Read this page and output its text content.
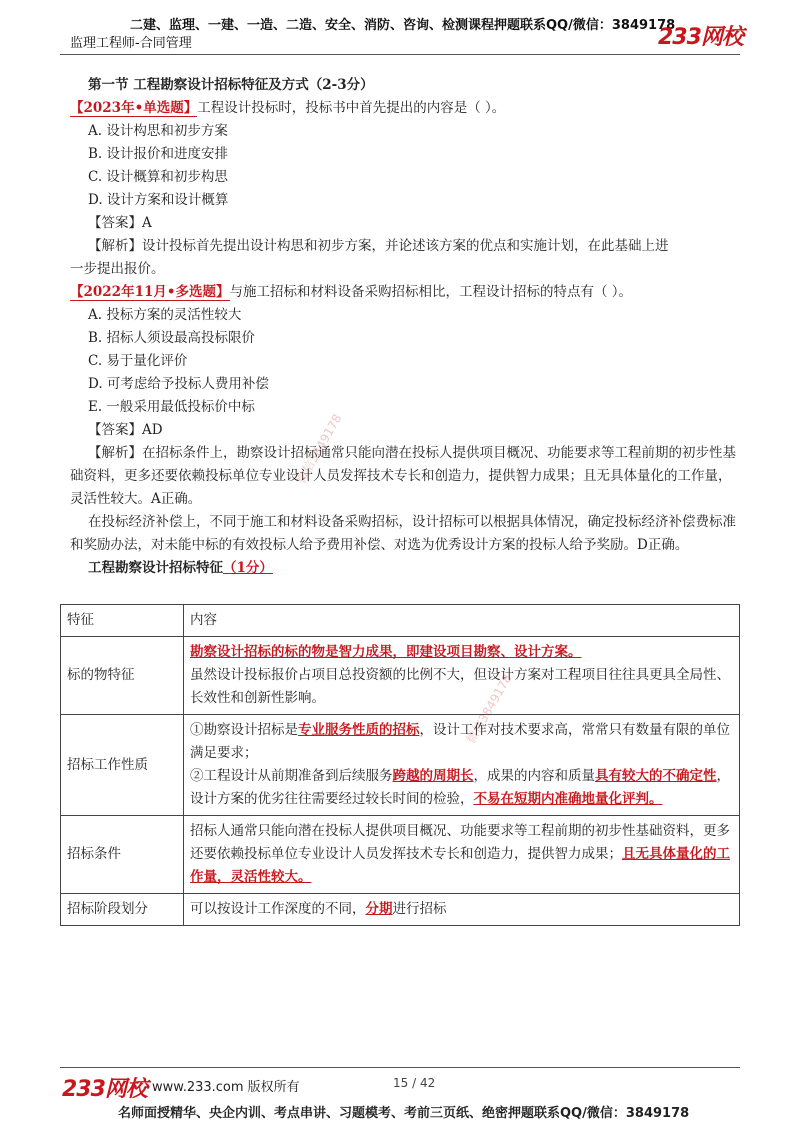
二建、监理、一建、一造、二造、安全、消防、咨询、检测课程押题联系QQ/微信：3849178
监理工程师-合同管理	233网校
第一节 工程勘察设计招标特征及方式（2-3分）
【2023年•单选题】工程设计投标时，投标书中首先提出的内容是（ ）。
A. 设计构思和初步方案
B. 设计报价和进度安排
C. 设计概算和初步构思
D. 设计方案和设计概算
【答案】A
【解析】设计投标首先提出设计构思和初步方案，并论述该方案的优点和实施计划，在此基础上进
一步提出报价。
【2022年11月•多选题】与施工招标和材料设备采购招标相比，工程设计招标的特点有（ ）。
A. 投标方案的灵活性较大
B. 招标人须设最高投标限价
C. 易于量化评价
D. 可考虑给予投标人费用补偿
E. 一般采用最低投标价中标
【答案】AD
【解析】在招标条件上，勘察设计招标通常只能向潜在投标人提供项目概况、功能要求等工程前期的初步性基础资料，更多还要依赖投标单位专业设计人员发挥技术专长和创造力，提供智力成果；且无具体量化的工作量，灵活性较大。A正确。
在投标经济补偿上，不同于施工和材料设备采购招标，设计招标可以根据具体情况，确定投标经济补偿费标准和奖励办法，对未能中标的有效投标人给予费用补偿、对选为优秀设计方案的投标人给予奖励。D正确。
工程勘察设计招标特征（1分）
特征	内容
标的物特征	勘察设计招标的标的物是智力成果，即建设项目勘察、设计方案。
虽然设计投标报价占项目总投资额的比例不大，但设计方案对工程项目往往具更具全局性、长效性和创新性影响。

招标工作性质	①勘察设计招标是专业服务性质的招标，设计工作对技术要求高，常常只有数量有限的单位满足要求；
②工程设计从前期准备到后续服务跨越的周期长，成果的内容和质量具有较大的不确定性，设计方案的优劣往往需要经过较长时间的检验，不易在短期内准确地量化评判。

招标条件	招标人通常只能向潜在投标人提供项目概况、功能要求等工程前期的初步性基础资料，更多还要依赖投标单位专业设计人员发挥技术专长和创造力，提供智力成果；且无具体量化的工作量，灵活性较大。
招标阶段划分	可以按设计工作深度的不同，分期进行招标
微信3849178
微信3849178
233网校 www.233.com 版权所有	15 / 42
名师面授精华、央企内训、考点串讲、习题模考、考前三页纸、绝密押题联系QQ/微信：3849178
